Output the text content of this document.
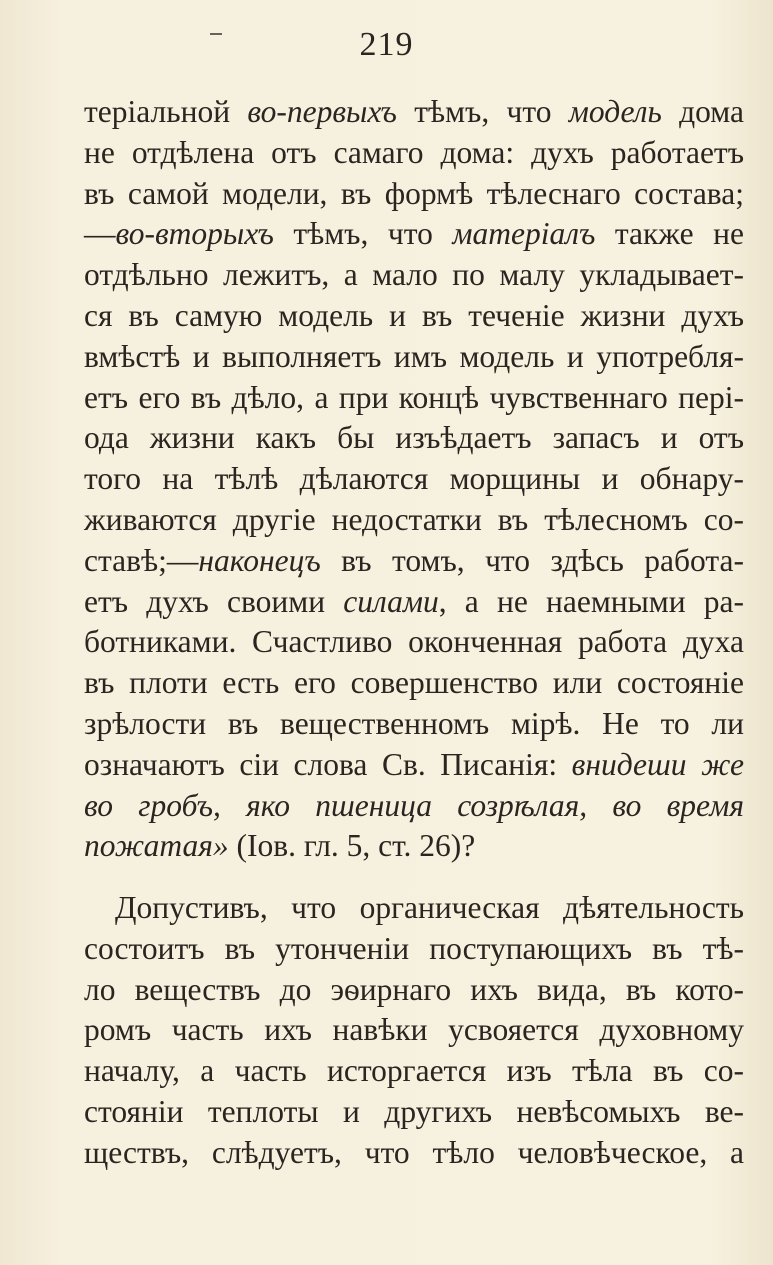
219
теріальной во-первыхъ тѣмъ, что модель дома
не отдѣлена отъ самаго дома: духъ работаетъ
въ самой модели, въ формѣ тѣлеснаго состава;
—во-вторыхъ тѣмъ, что матеріалъ также не
отдѣльно лежитъ, а мало по малу укладывает-
ся въ самую модель и въ теченіе жизни духъ
вмѣстѣ и выполняетъ имъ модель и употребля-
етъ его въ дѣло, а при концѣ чувственнаго пері-
ода жизни какъ бы изъѣдаетъ запасъ и отъ
того на тѣлѣ дѣлаются морщины и обнару-
живаются другіе недостатки въ тѣлесномъ со-
ставѣ;—наконецъ въ томъ, что здѣсь работа-
етъ духъ своими силами, а не наемными ра-
ботниками. Счастливо оконченная работа духа
въ плоти есть его совершенство или состояніе
зрѣлости въ вещественномъ мірѣ. Не то ли
означаютъ сіи слова Св. Писанія: внидеши же
во гробъ, яко пшеница созрѣлая, во время
пожатая» (Іов. гл. 5, ст. 26)?
Допустивъ, что органическая дѣятельность
состоитъ въ утонченіи поступающихъ въ тѣ-
ло веществъ до эѳирнаго ихъ вида, въ кото-
ромъ часть ихъ навѣки усвояется духовному
началу, а часть исторгается изъ тѣла въ со-
стояніи теплоты и другихъ невѣсомыхъ ве-
ществъ, слѣдуетъ, что тѣло человѣческое, а
